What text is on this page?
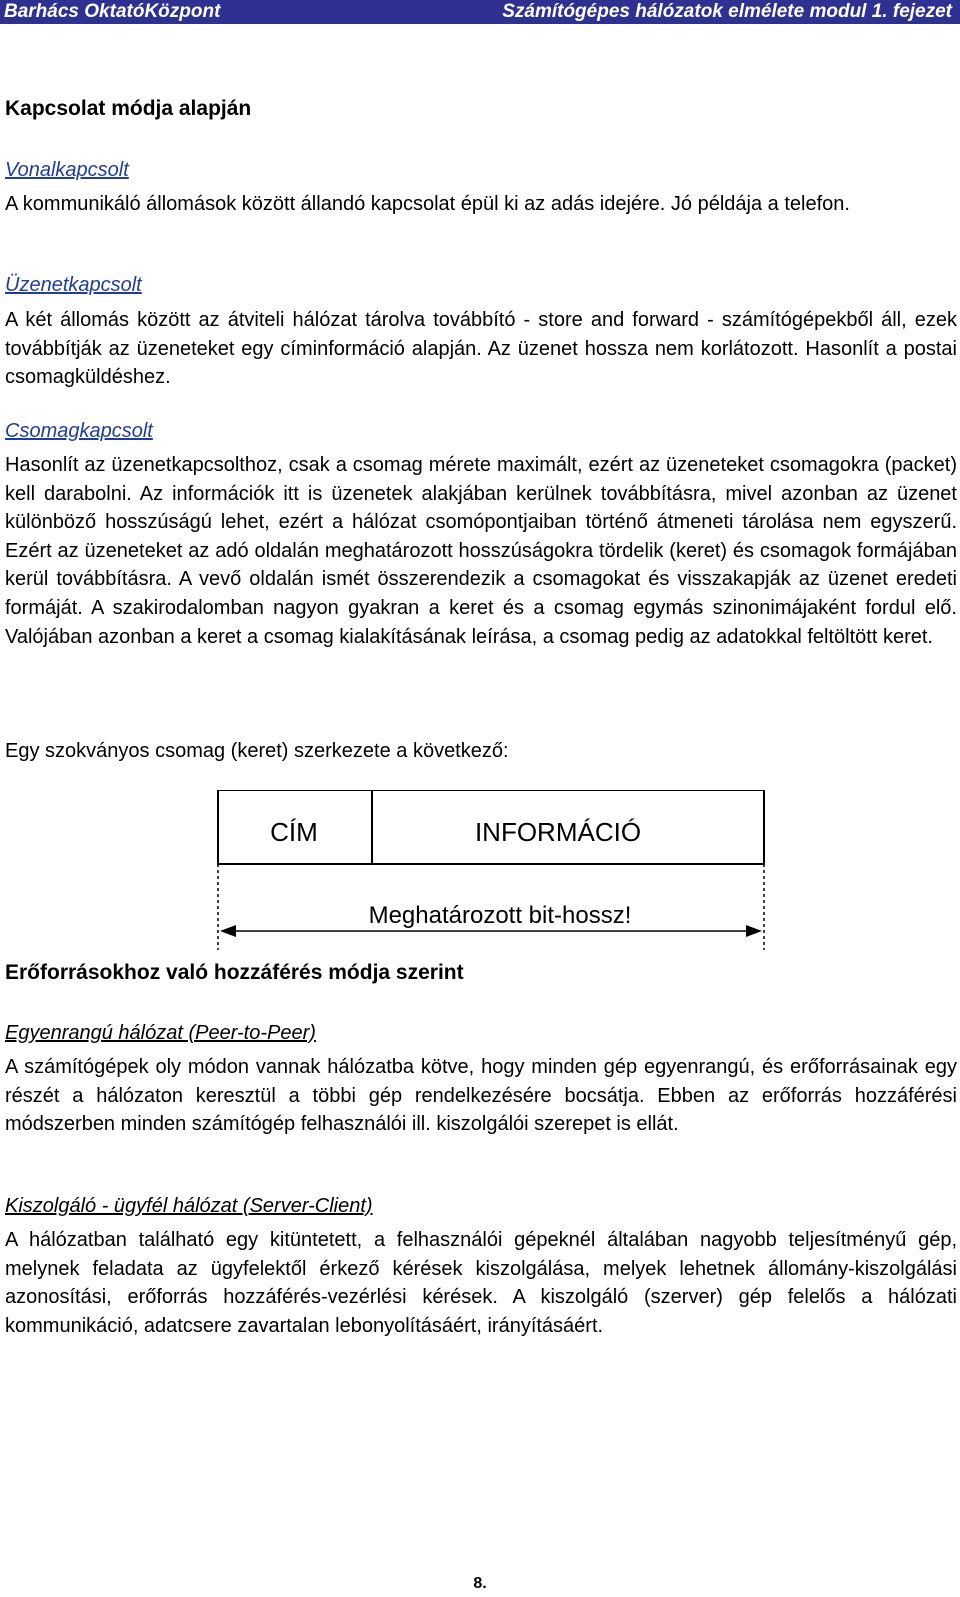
Barhács OktatóKözpont	Számítógépes hálózatok elmélete modul 1. fejezet
Kapcsolat módja alapján
Vonalkapcsolt
A kommunikáló állomások között állandó kapcsolat épül ki az adás idejére. Jó példája a telefon.
Üzenetkapcsolt
A két állomás között az átviteli hálózat tárolva továbbító - store and forward - számítógépekből áll, ezek továbbítják az üzeneteket egy címinformáció alapján. Az üzenet hossza nem korlátozott. Hasonlít a postai csomagküldéshez.
Csomagkapcsolt
Hasonlít az üzenetkapcsolthoz, csak a csomag mérete maximált, ezért az üzeneteket csomagokra (packet) kell darabolni. Az információk itt is üzenetek alakjában kerülnek továbbításra, mivel azonban az üzenet különböző hosszúságú lehet, ezért a hálózat csomópontjaiban történő átmeneti tárolása nem egyszerű. Ezért az üzeneteket az adó oldalán meghatározott hosszúságokra tördelik (keret) és csomagok formájában kerül továbbításra. A vevő oldalán ismét összerendezik a csomagokat és visszakapják az üzenet eredeti formáját. A szakirodalomban nagyon gyakran a keret és a csomag egymás szinonimájaként fordul elő. Valójában azonban a keret a csomag kialakításának leírása, a csomag pedig az adatokkal feltöltött keret.
Egy szokványos csomag (keret) szerkezete a következő:
Erőforrásokhoz való hozzáférés módja szerint
Egyenrangú hálózat (Peer-to-Peer)
A számítógépek oly módon vannak hálózatba kötve, hogy minden gép egyenrangú, és erőforrásainak egy részét a hálózaton keresztül a többi gép rendelkezésére bocsátja. Ebben az erőforrás hozzáférési módszerben minden számítógép felhasználói ill. kiszolgálói szerepet is ellát.
Kiszolgáló - ügyfél hálózat (Server-Client)
A hálózatban található egy kitüntetett, a felhasználói gépeknél általában nagyobb teljesítményű gép, melynek feladata az ügyfelektől érkező kérések kiszolgálása, melyek lehetnek állomány-kiszolgálási azonosítási, erőforrás hozzáférés-vezérlési kérések. A kiszolgáló (szerver) gép felelős a hálózati kommunikáció, adatcsere zavartalan lebonyolításáért, irányításáért.
CÍM	INFORMÁCIÓ
Meghatározott bit-hossz!
8.
